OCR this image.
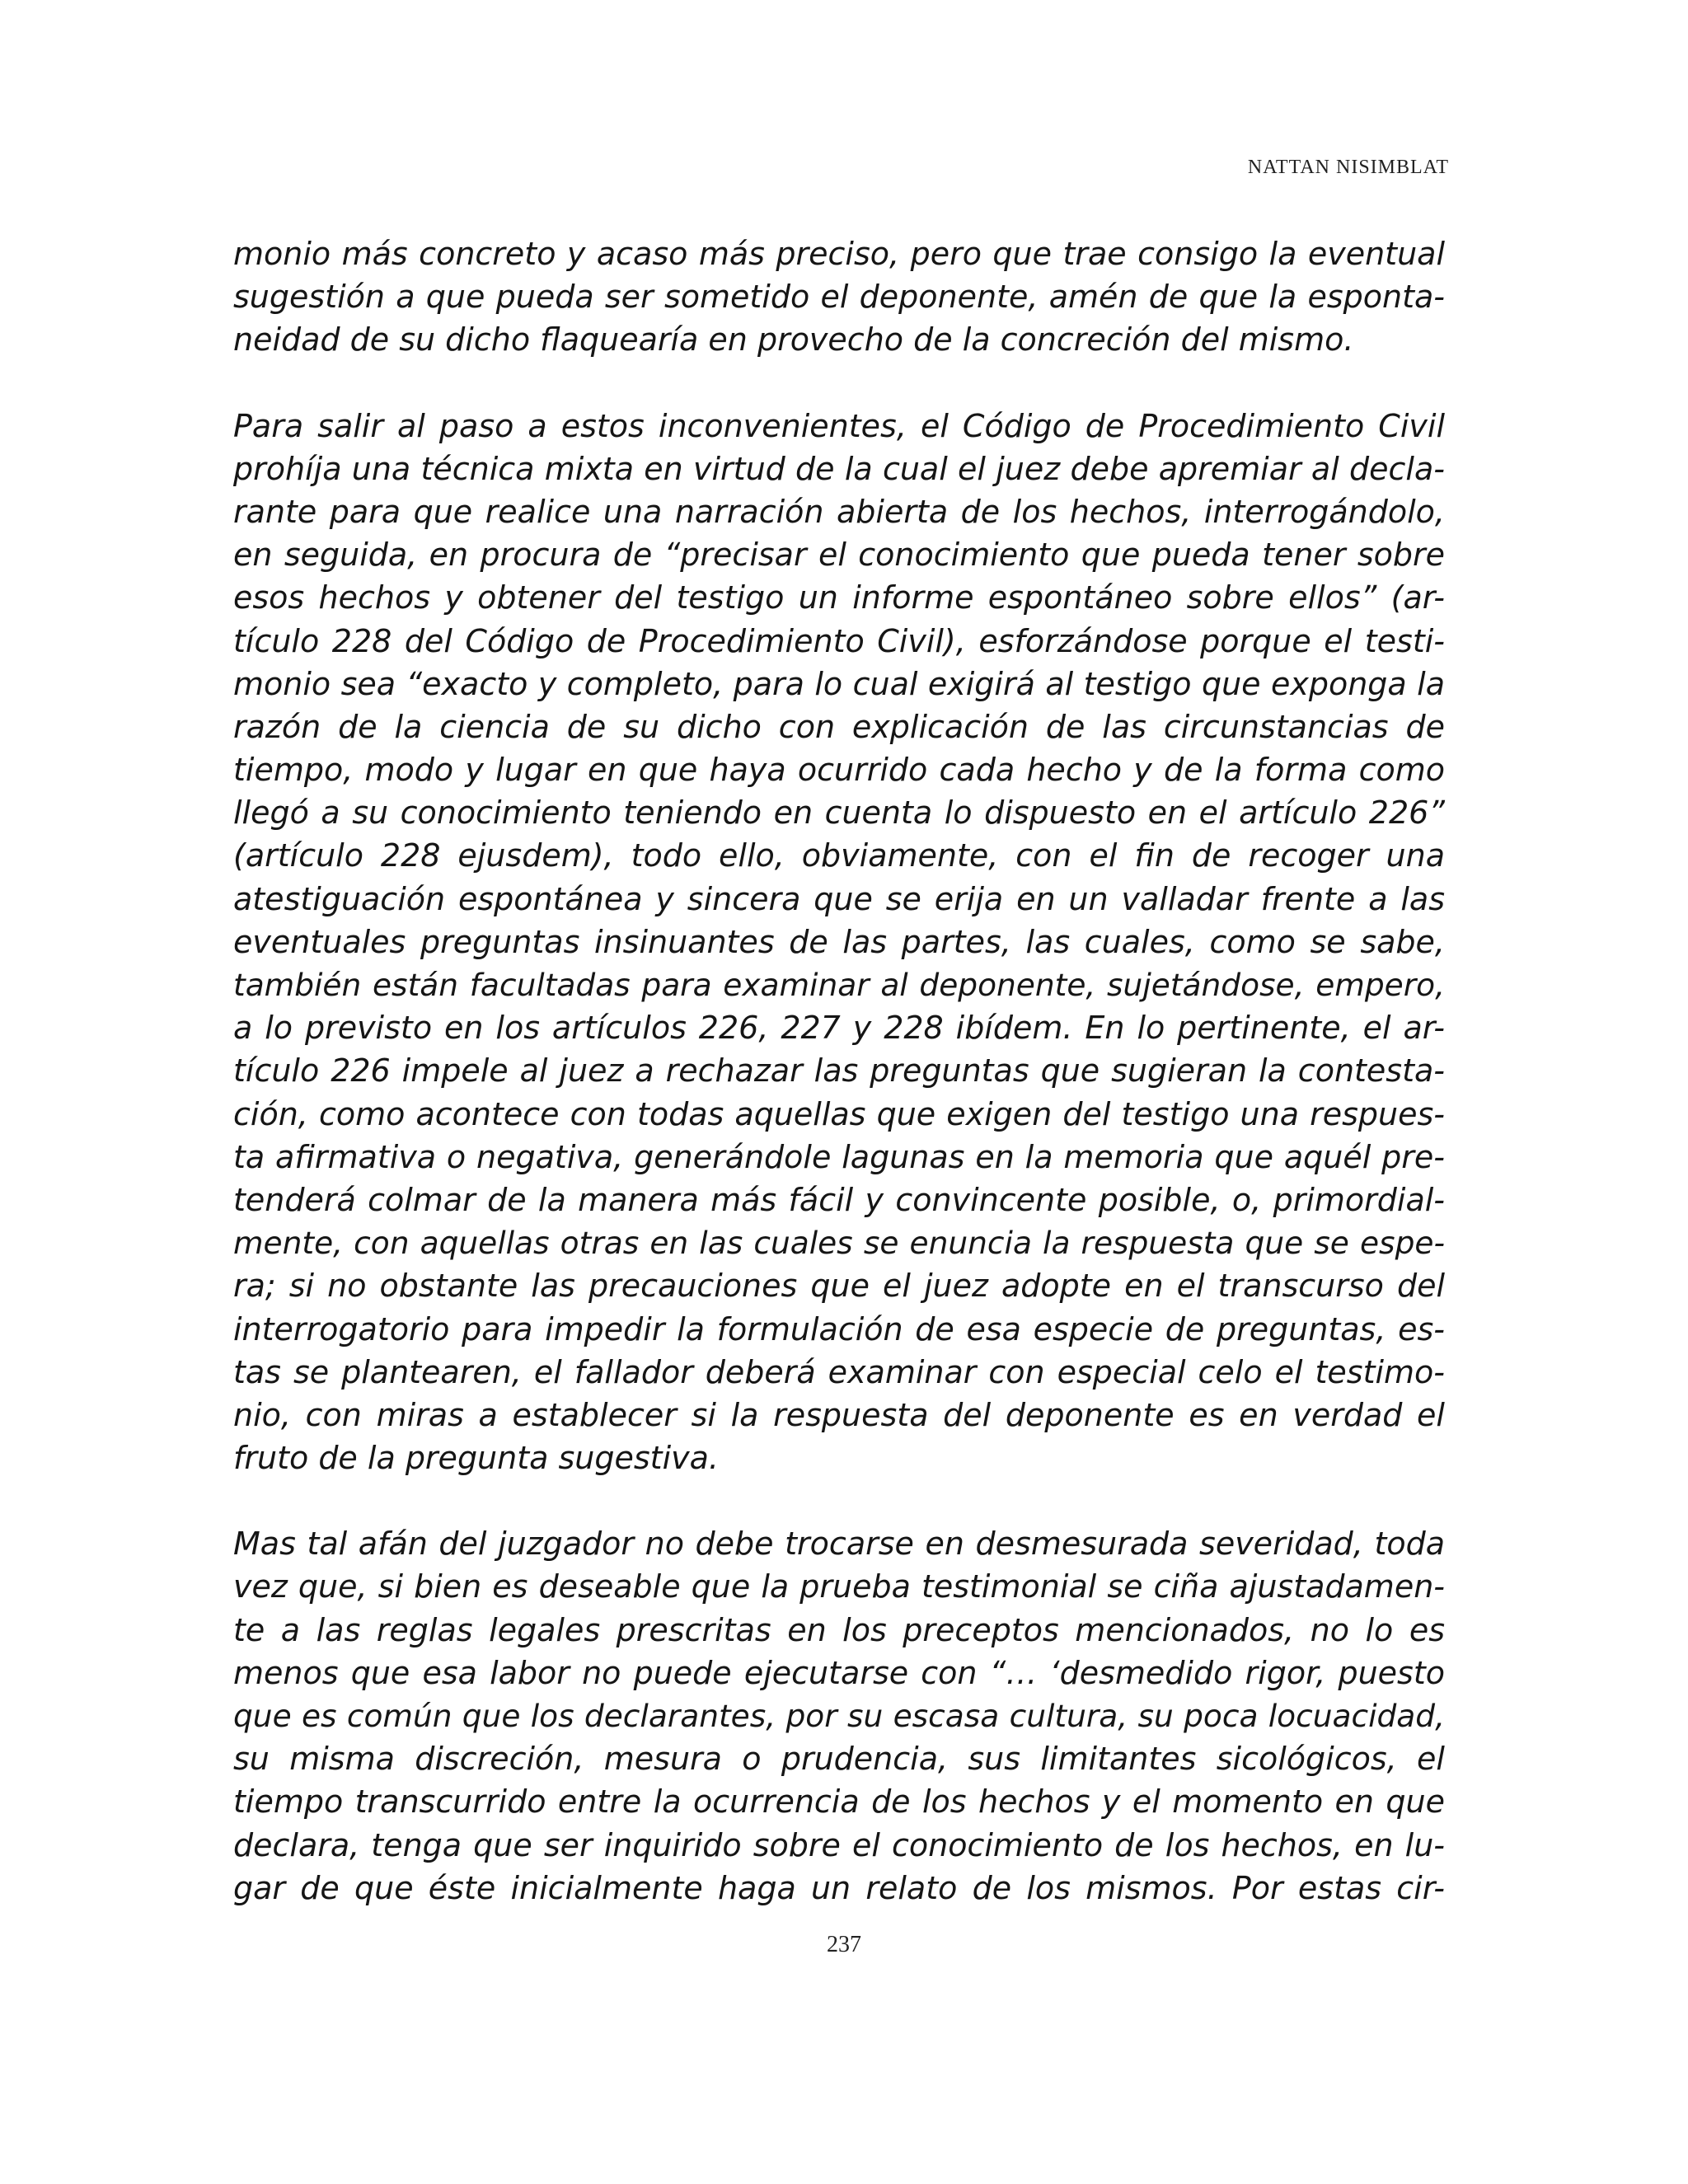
NATTAN NISIMBLAT

monio más concreto y acaso más preciso, pero que trae consigo la eventual
sugestión a que pueda ser sometido el deponente, amén de que la esponta-
neidad de su dicho flaquearía en provecho de la concreción del mismo.
Para salir al paso a estos inconvenientes, el Código de Procedimiento Civil
prohíja una técnica mixta en virtud de la cual el juez debe apremiar al decla-
rante para que realice una narración abierta de los hechos, interrogándolo,
en seguida, en procura de “precisar el conocimiento que pueda tener sobre
esos hechos y obtener del testigo un informe espontáneo sobre ellos” (ar-
tículo 228 del Código de Procedimiento Civil), esforzándose porque el testi-
monio sea “exacto y completo, para lo cual exigirá al testigo que exponga la
razón de la ciencia de su dicho con explicación de las circunstancias de
tiempo, modo y lugar en que haya ocurrido cada hecho y de la forma como
llegó a su conocimiento teniendo en cuenta lo dispuesto en el artículo 226”
(artículo 228 ejusdem), todo ello, obviamente, con el fin de recoger una
atestiguación espontánea y sincera que se erija en un valladar frente a las
eventuales preguntas insinuantes de las partes, las cuales, como se sabe,
también están facultadas para examinar al deponente, sujetándose, empero,
a lo previsto en los artículos 226, 227 y 228 ibídem. En lo pertinente, el ar-
tículo 226 impele al juez a rechazar las preguntas que sugieran la contesta-
ción, como acontece con todas aquellas que exigen del testigo una respues-
ta afirmativa o negativa, generándole lagunas en la memoria que aquél pre-
tenderá colmar de la manera más fácil y convincente posible, o, primordial-
mente, con aquellas otras en las cuales se enuncia la respuesta que se espe-
ra; si no obstante las precauciones que el juez adopte en el transcurso del
interrogatorio para impedir la formulación de esa especie de preguntas, es-
tas se plantearen, el fallador deberá examinar con especial celo el testimo-
nio, con miras a establecer si la respuesta del deponente es en verdad el
fruto de la pregunta sugestiva.
Mas tal afán del juzgador no debe trocarse en desmesurada severidad, toda
vez que, si bien es deseable que la prueba testimonial se ciña ajustadamen-
te a las reglas legales prescritas en los preceptos mencionados, no lo es
menos que esa labor no puede ejecutarse con “… ‘desmedido rigor, puesto
que es común que los declarantes, por su escasa cultura, su poca locuacidad,
su misma discreción, mesura o prudencia, sus limitantes sicológicos, el
tiempo transcurrido entre la ocurrencia de los hechos y el momento en que
declara, tenga que ser inquirido sobre el conocimiento de los hechos, en lu-
gar de que éste inicialmente haga un relato de los mismos. Por estas cir-

237
